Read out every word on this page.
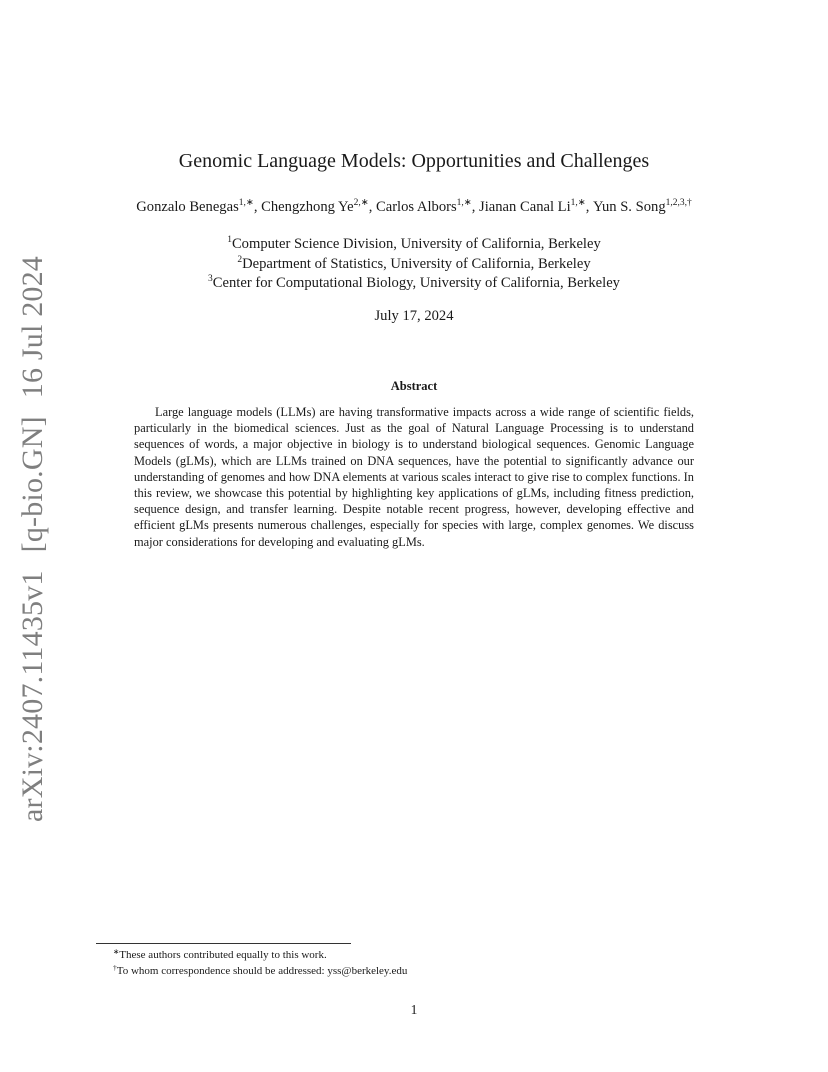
arXiv:2407.11435v1[q-bio.GN]16 Jul 2024
Genomic Language Models: Opportunities and Challenges
Gonzalo Benegas$^{1,∗}$, Chengzhong $Ye^{2,∗}$, Carlos Albors$^{1,∗}$, Jianan Canal $Li^{1,∗}$, Yun S. Song$^{1,2,3,\dagger}$
$^1$Computer Science Division, University of California, Berkeley
$^2$Department of Statistics, University of California, Berkeley
$^3$Center for Computational Biology, University of California, Berkeley
July 17, 2024
Abstract

Large language models (LLMs) are having transformative impacts across a wide range of scientific fields, particularly in the biomedical sciences. Just as the goal of Natural Language Processing is to understand sequences of words, a major objective in biology is to understand biological sequences. Genomic Language Models (gLMs), which are LLMs trained on DNA sequences, have the potential to significantly advance our understanding of genomes and how DNA elements at various scales interact to give rise to complex functions. In this review, we showcase this potential by highlighting key applications of gLMs, including fitness prediction, sequence design, and transfer learning. Despite notable recent progress, however, developing effective and efficient gLMs presents numerous challenges, especially for species with large, complex genomes. We discuss major considerations for developing and evaluating gLMs.

∗These authors contributed equally to this work.
†To whom correspondence should be addressed: yss@berkeley.edu
1
